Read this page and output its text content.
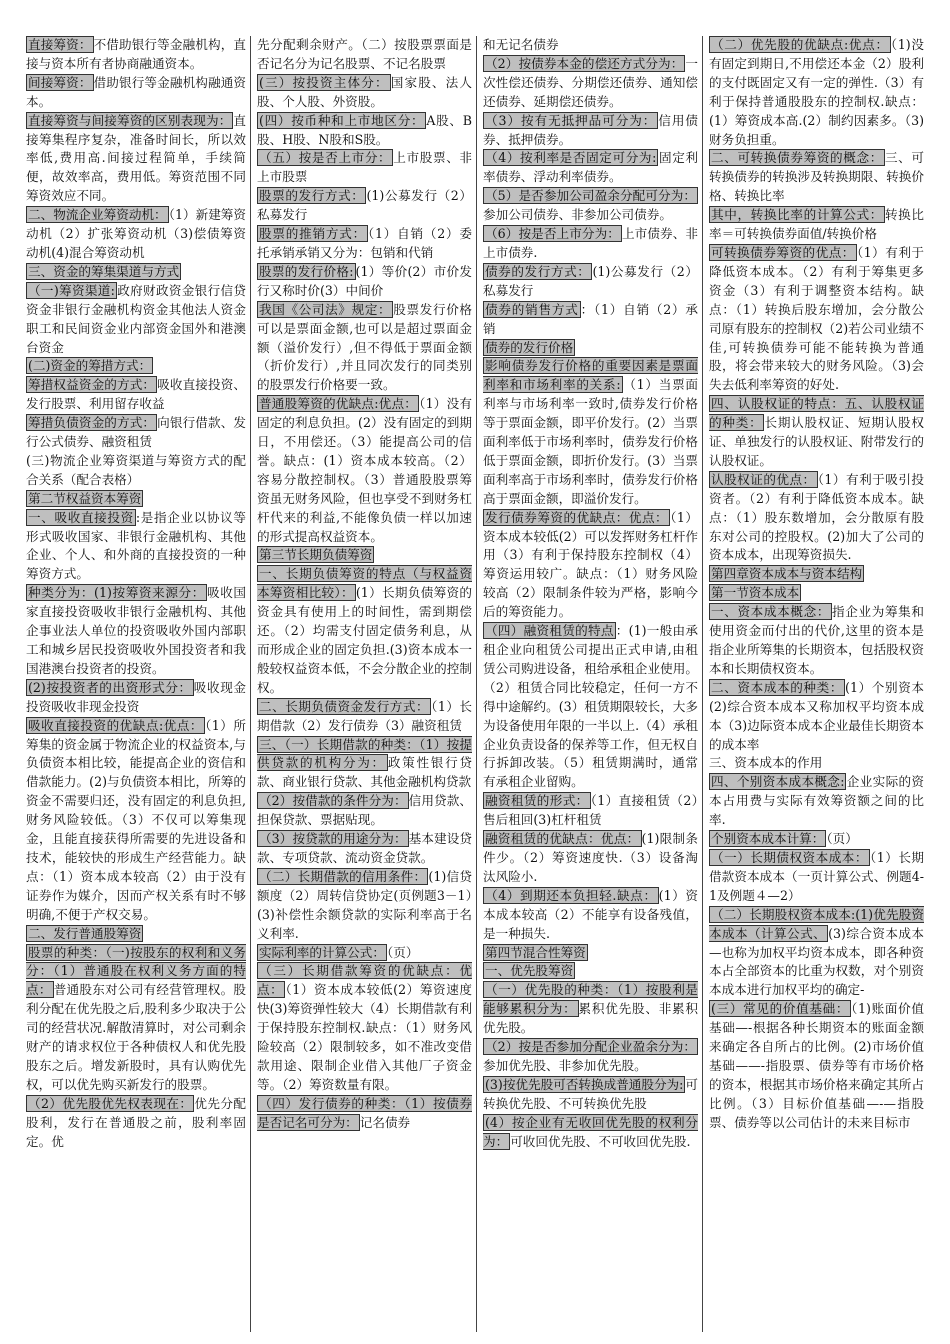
直接筹资： 不借助银行等金融机构，直接与资本所有者协商融通资本。

间接筹资： 借助银行等金融机构融通资本。

直接筹资与间接筹资的区别表现为： 直接筹集程序复杂，准备时间长，所以效率低,费用高.间接过程简单，手续简便，故效率高，费用低。筹资范围不同筹资效应不同。

二、物流企业筹资动机： （1）新建筹资动机（2）扩张筹资动机（3)偿债筹资动机(4)混合筹资动机

三、资金的筹集渠道与方式

（一)筹资渠道: 政府财政资金银行信贷资金非银行金融机构资金其他法人资金职工和民间资金业内部资金国外和港澳台资金

(二)资金的筹措方式：

筹措权益资金的方式： 吸收直接投资、发行股票、利用留存收益

筹措负债资金的方式： 向银行借款、发行公式债券、融资租赁

(三)物流企业筹资渠道与筹资方式的配合关系（配合表格）

第二节权益资本筹资

一、吸收直接投资 :是指企业以协议等形式吸收国家、非银行金融机构、其他企业、个人、和外商的直接投资的一种筹资方式。

种类分为：(1)按筹资来源分： 吸收国家直接投资吸收非银行金融机构、其他企事业法人单位的投资吸收外国内部职工和城乡居民投资吸收外国投资者和我国港澳台投资者的投资。

(2)按投资者的出资形式分： 吸收现金投资吸收非现金投资

吸收直接投资的优缺点:优点： （1）所筹集的资金属于物流企业的权益资本,与负债资本相比较，能提高企业的资信和借款能力。(2)与负债资本相比，所筹的资金不需要归还，没有固定的利息负担,财务风险较低。（3）不仅可以筹集现金，且能直接获得所需要的先进设备和技术，能较快的形成生产经营能力。缺点：（1）资本成本较高（2）由于没有证券作为媒介，因而产权关系有时不够明确,不便于产权交易。

二、发行普通股筹资

股票的种类：（一)按股东的权利和义务分：（1）普通股在权利义务方面的特点： 普通股东对公司有经营管理权。股利分配在优先股之后,股利多少取决于公司的经营状况.解散清算时，对公司剩余财产的请求权位于各种债权人和优先股股东之后。增发新股时，具有认购优先权，可以优先购买新发行的股票。

（2）优先股优先权表现在： 优先分配股利，发行在普通股之前，股利率固定。优

先分配剩余财产。（二）按股票票面是否记名分为记名股票、不记名股票

(三）按投资主体分： 国家股、法人股、个人股、外资股。

(四）按币种和上市地区分： A股、B股、H股、N股和S股。

（五）按是否上市分： 上市股票、非上市股票

股票的发行方式： (1)公募发行（2）私募发行

股票的推销方式： （1）自销（2）委托承销承销又分为：包销和代销

股票的发行价格: (1）等价(2）市价发行又称时价(3）中间价

我国《公司法》规定： 股票发行价格可以是票面金额,也可以是超过票面金额（溢价发行）,但不得低于票面金额（折价发行）,并且同次发行的同类别的股票发行价格要一致。

普通股筹资的优缺点:优点： （1）没有固定的利息负担。(2）没有固定的到期日，不用偿还。（3）能提高公司的信誉。缺点：(1）资本成本较高。（2）容易分散控制权。（3）普通股股票筹资虽无财务风险，但也享受不到财务杠杆代来的利益,不能像负债一样以加速的形式提高权益资本。

第三节长期负债筹资

一、长期负债筹资的特点（与权益资本筹资相比较）： (1）长期负债筹资的资金具有使用上的时间性，需到期偿还。（2）均需支付固定债务利息，从而形成企业的固定负担.(3)资本成本一般较权益资本低，不会分散企业的控制权。

二、长期负债资金发行方式： （1）长期借款（2）发行债券（3）融资租赁

三、（一）长期借款的种类：（1）按提供贷款的机构分为： 政策性银行贷款、商业银行贷款、其他金融机构贷款

（2）按借款的条件分为： 信用贷款、担保贷款、票据贴现。

（3）按贷款的用途分为： 基本建设贷款、专项贷款、流动资金贷款。

（二）长期借款的信用条件： (1)信贷额度（2）周转信贷协定(页例题3－1）(3)补偿性余额贷款的实际利率高于名义利率.

实际利率的计算公式： （页）

（三）长期借款筹资的优缺点：优点： （1）资本成本较低(2）筹资速度快(3)筹资弹性较大（4）长期借款有利于保持股东控制权.缺点：（1）财务风险较高（2）限制较多，如不准改变借款用途、限制企业借入其他厂子资金等。（2）筹资数量有限。

（四）发行债券的种类：（1）按债券是否记名可分为： 记名债券

和无记名债券

（2）按债券本金的偿还方式分为： 一次性偿还债券、分期偿还债券、通知偿还债券、延期偿还债券。

（3）按有无抵押品可分为： 信用债券、抵押债券。

（4）按利率是否固定可分为: 固定利率债券、浮动利率债券。

（5）是否参加公司盈余分配可分为：参加公司债券、非参加公司债券。

（6）按是否上市分为： 上市债券、非上市债券.

债券的发行方式： (1)公募发行（2）私募发行

债券的销售方式 ：（1）自销（2）承销

债券的发行价格

影响债券发行价格的重要因素是票面利率和市场利率的关系: （1）当票面利率与市场利率一致时,债券发行价格等于票面金额，即平价发行。(2）当票面利率低于市场利率时，债券发行价格低于票面金额，即折价发行。(3）当票面利率高于市场利率时，债券发行价格高于票面金额，即溢价发行。

发行债券筹资的优缺点：优点： （1）资本成本较低(2）可以发挥财务杠杆作用（3）有利于保持股东控制权（4）筹资运用较广。缺点：（1）财务风险较高（2）限制条件较为严格，影响今后的筹资能力。

（四）融资租赁的特点 ：(1)一般由承租企业向租赁公司提出正式申请,由租赁公司购进设备，租给承租企业使用。（2）租赁合同比较稳定，任何一方不得中途解约。(3）租赁期限较长，大多为设备使用年限的一半以上.（4）承租企业负责设备的保养等工作，但无权自行拆卸改装。（5）租赁期满时，通常有承租企业留购。

融资租赁的形式： （1）直接租赁（2）售后租回(3)杠杆租赁

融资租赁的优缺点：优点： (1)限制条件少。（2）筹资速度快.（3）设备淘汰风险小.

（4）到期还本负担轻.缺点： (1）资本成本较高（2）不能享有设备残值，是一种损失.

第四节混合性筹资

一、优先股筹资

（一）优先股的种类：（1）按股利是能够累积分为： 累积优先股、非累积优先股。

（2）按是否参加分配企业盈余分为：参加优先股、非参加优先股。

(3)按优先股可否转换成普通股分为: 可转换优先股、不可转换优先股

(4）按企业有无收回优先股的权利分为： 可收回优先股、不可收回优先股.

（二）优先股的优缺点:优点： （1)没有固定到期日,不用偿还本金（2）股利的支付既固定又有一定的弹性.（3）有利于保持普通股股东的控制权.缺点：(1）筹资成本高.(2）制约因素多。（3)财务负担重。

二、可转换债券筹资的概念： 三、可转换债券的转换涉及转换期限、转换价格、转换比率

其中，转换比率的计算公式： 转换比率＝可转换债券面值/转换价格

可转换债券筹资的优点： （1）有利于降低资本成本。（2）有利于筹集更多资金（3）有利于调整资本结构。缺点：（1）转换后股东增加，会分散公司原有股东的控制权（2)若公司业绩不佳,可转换债券可能不能转换为普通股，将会带来较大的财务风险。（3)会失去低利率筹资的好处.

四、认股权证的特点：五、认股权证的种类： 长期认股权证、短期认股权证、单独发行的认股权证、附带发行的认股权证。

认股权证的优点： （1）有利于吸引投资者。（2）有利于降低资本成本。缺点：（1）股东数增加，会分散原有股东对公司的控股权。(2)加大了公司的资本成本，出现筹资损失.

第四章资本成本与资本结构

第一节资本成本

一、资本成本概念： 指企业为筹集和使用资金而付出的代价,这里的资本是指企业所筹集的长期资本，包括股权资本和长期债权资本。

二、资本成本的种类： (1）个别资本(2)综合资本成本又称加权平均资本成本（3)边际资本成本企业最佳长期资本的成本率

三、资本成本的作用

四、个别资本成本概念: 企业实际的资本占用费与实际有效筹资额之间的比率.

个别资本成本计算： （页）

（一）长期债权资本成本： （1）长期借款资本成本（一页计算公式、例题4-1及例题４—2）

（二）长期股权资本成本:(1)优先股资本成本（计算公式、 (3)综合资本成本—也称为加权平均资本成本，即各种资本占全部资本的比重为权数，对个别资本成本进行加权平均的确定-

(三）常见的价值基础： （1)账面价值基础—-根据各种长期资本的账面金额来确定各自所占的比例。(2)市场价值基础——-指股票、债券等有市场价格的资本，根据其市场价格来确定其所占比例。（3）目标价值基础—-—指股票、债券等以公司估计的未来目标市
